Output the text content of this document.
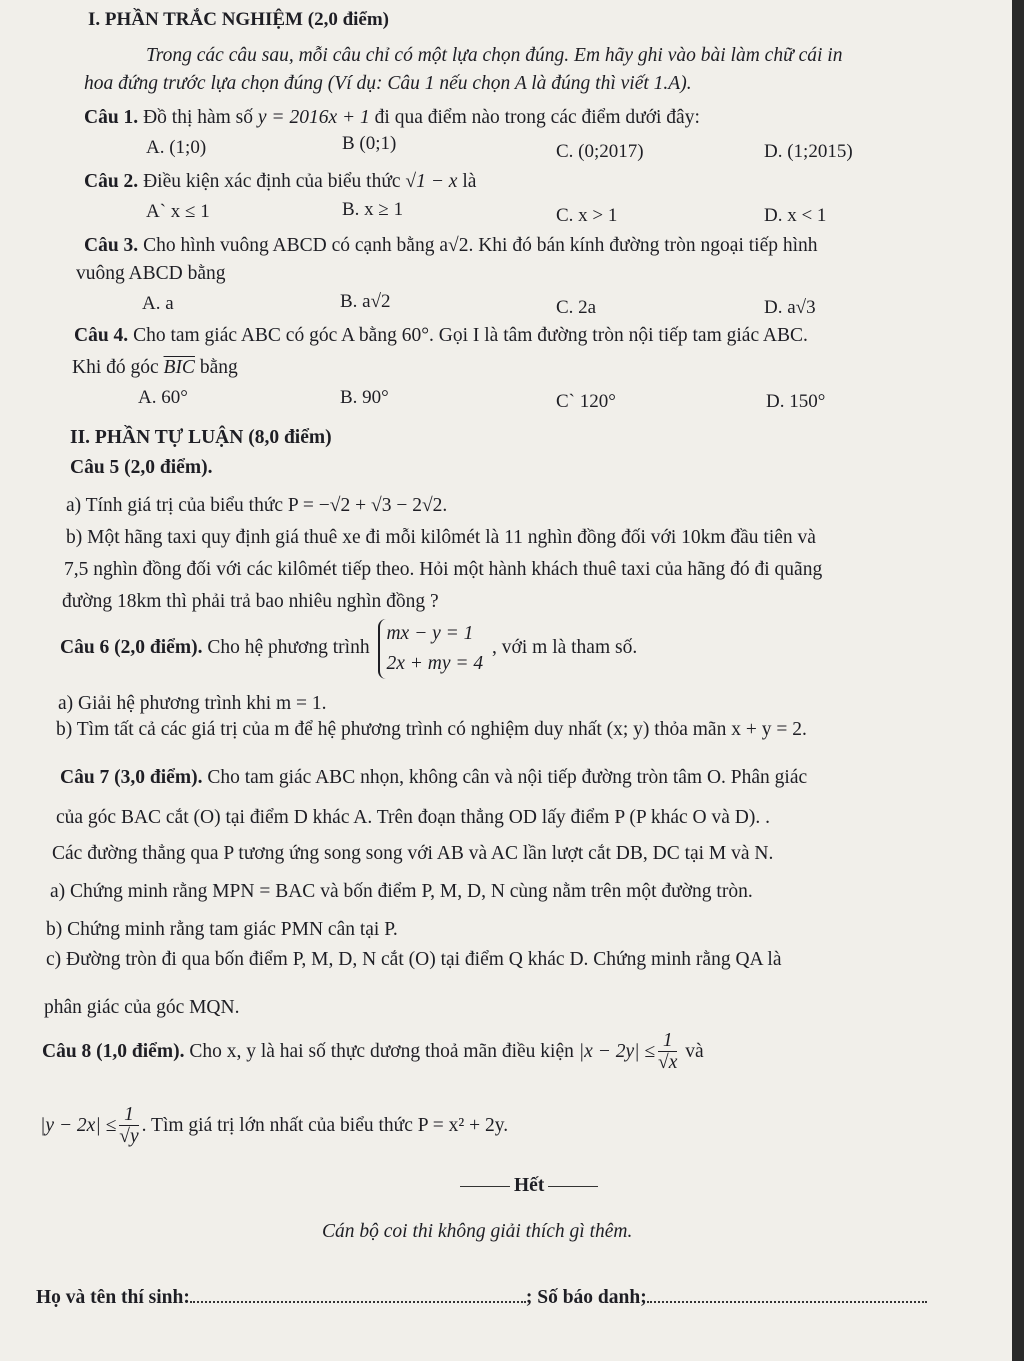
I. PHẦN TRẮC NGHIỆM (2,0 điểm)
Trong các câu sau, mỗi câu chỉ có một lựa chọn đúng. Em hãy ghi vào bài làm chữ cái in
hoa đứng trước lựa chọn đúng (Ví dụ: Câu 1 nếu chọn A là đúng thì viết 1.A).
Câu 1. Đồ thị hàm số y = 2016x + 1 đi qua điểm nào trong các điểm dưới đây:
A. (1;0)	B (0;1)	C. (0;2017)	D. (1;2015)
Câu 2. Điều kiện xác định của biểu thức √1 − x là
A` x ≤ 1	B. x ≥ 1	C. x > 1	D. x < 1
Câu 3. Cho hình vuông ABCD có cạnh bằng a√2. Khi đó bán kính đường tròn ngoại tiếp hình
vuông ABCD bằng
A. a	B. a√2	C. 2a	D. a√3
Câu 4. Cho tam giác ABC có góc A bằng 60°. Gọi I là tâm đường tròn nội tiếp tam giác ABC.
Khi đó góc $\overline{BIC}$ bằng
A. 60°	B. 90°	C` 120°	D. 150°
II. PHẦN TỰ LUẬN (8,0 điểm)
Câu 5 (2,0 điểm).
a) Tính giá trị của biểu thức P = −√2 + √3 − 2√2.
b) Một hãng taxi quy định giá thuê xe đi mỗi kilômét là 11 nghìn đồng đối với 10km đầu tiên và
7,5 nghìn đồng đối với các kilômét tiếp theo. Hỏi một hành khách thuê taxi của hãng đó đi quãng
đường 18km thì phải trả bao nhiêu nghìn đồng ?
Câu 6 (2,0 điểm). Cho hệ phương trình
mx − y = 1
2x + my = 4
, với m là tham số.
a) Giải hệ phương trình khi m = 1.
b) Tìm tất cả các giá trị của m để hệ phương trình có nghiệm duy nhất (x; y) thỏa mãn x + y = 2.
Câu 7 (3,0 điểm). Cho tam giác ABC nhọn, không cân và nội tiếp đường tròn tâm O. Phân giác
của góc BAC cắt (O) tại điểm D khác A. Trên đoạn thẳng OD lấy điểm P (P khác O và D). .
Các đường thẳng qua P tương ứng song song với AB và AC lần lượt cắt DB, DC tại M và N.
a) Chứng minh rằng MPN = BAC và bốn điểm P, M, D, N cùng nằm trên một đường tròn.
b) Chứng minh rằng tam giác PMN cân tại P.
c) Đường tròn đi qua bốn điểm P, M, D, N cắt (O) tại điểm Q khác D. Chứng minh rằng QA là
phân giác của góc MQN.
Câu 8 (1,0 điểm). Cho x, y là hai số thực dương thoả mãn điều kiện $|x - 2y| \le \frac{1}{√x}$ và
$|y - 2x| \le \frac{1}{√y}$ . Tìm giá trị lớn nhất của biểu thức P = x² + 2y.
Hết
Cán bộ coi thi không giải thích gì thêm.
Họ và tên thí sinh:	; Số báo danh;
